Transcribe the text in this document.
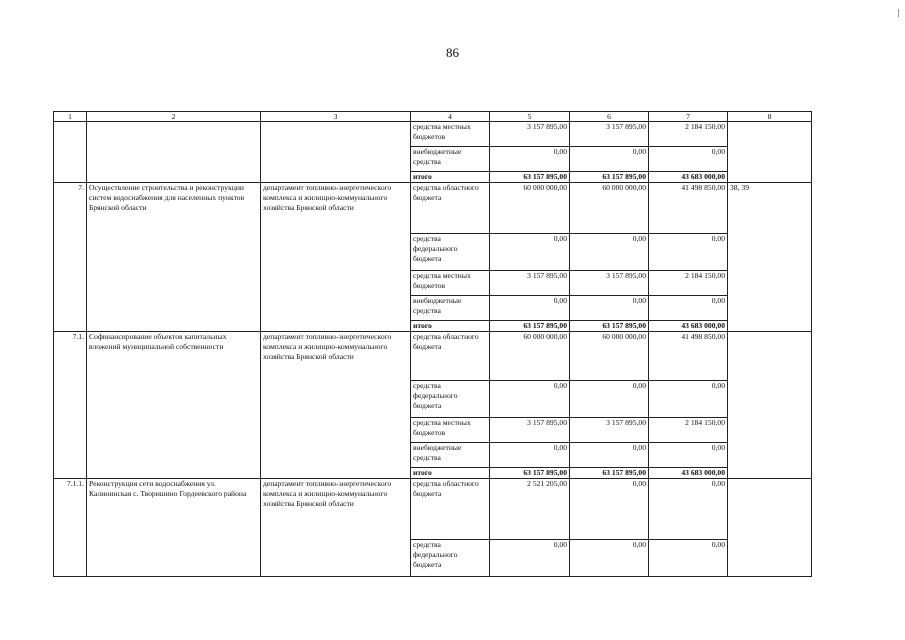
86
1	2	3	4	5	6	7	8
			средства местных бюджетов	3 157 895,00	3 157 895,00	2 184 150,00	
			внебюджетные средства	0,00	0,00	0,00	
			итого	63 157 895,00	63 157 895,00	43 683 000,00	
7.	Осуществление строительства и реконструкции систем водоснабжения для населенных пунктов Брянской области	департамент топливно-энергетического комплекса и жилищно-коммунального хозяйства Брянской области	средства областного бюджета	60 000 000,00	60 000 000,00	41 498 850,00	38, 39
			средства федерального бюджета	0,00	0,00	0,00	
			средства местных бюджетов	3 157 895,00	3 157 895,00	2 184 150,00	
			внебюджетные средства	0,00	0,00	0,00	
			итого	63 157 895,00	63 157 895,00	43 683 000,00	
7.1.	Софинансирование объектов капитальных вложений муниципальной собственности	департамент топливно-энергетического комплекса и жилищно-коммунального хозяйства Брянской области	средства областного бюджета	60 000 000,00	60 000 000,00	41 498 850,00	
			средства федерального бюджета	0,00	0,00	0,00	
			средства местных бюджетов	3 157 895,00	3 157 895,00	2 184 150,00	
			внебюджетные средства	0,00	0,00	0,00	
			итого	63 157 895,00	63 157 895,00	43 683 000,00	
7.1.1.	Реконструкция сети водоснабжения ул. Калининская с. Творишино Гордеевского района	департамент топливно-энергетического комплекса и жилищно-коммунального хозяйства Брянской области	средства областного бюджета	2 521 205,00	0,00	0,00	
			средства федерального бюджета	0,00	0,00	0,00	
